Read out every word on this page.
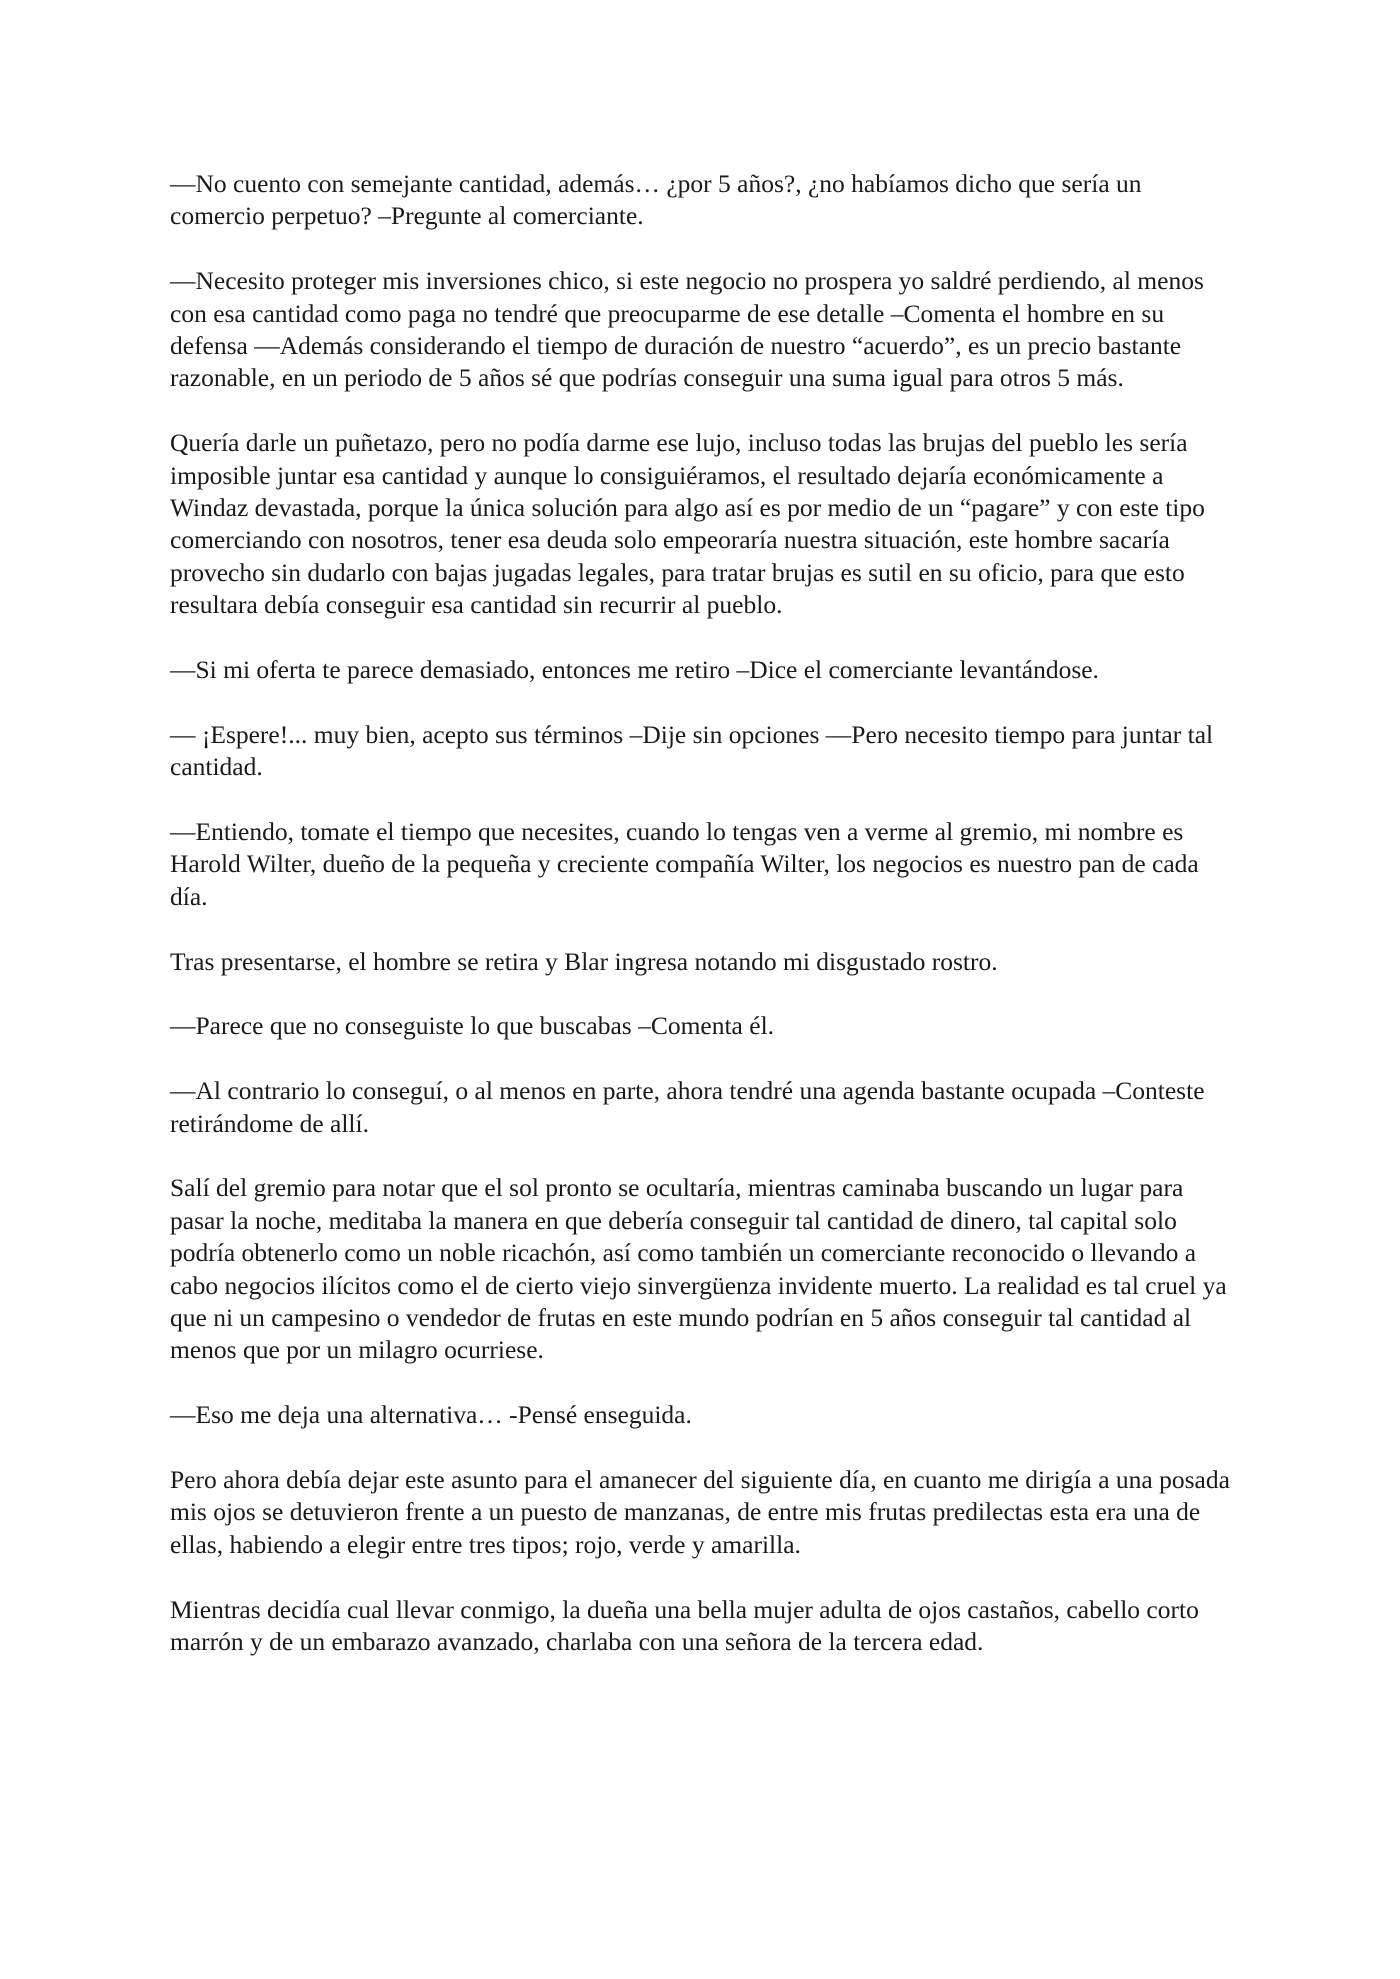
—No cuento con semejante cantidad, además… ¿por 5 años?, ¿no habíamos dicho que sería un comercio perpetuo? –Pregunte al comerciante.

—Necesito proteger mis inversiones chico, si este negocio no prospera yo saldré perdiendo, al menos con esa cantidad como paga no tendré que preocuparme de ese detalle –Comenta el hombre en su defensa —Además considerando el tiempo de duración de nuestro “acuerdo”, es un precio bastante razonable, en un periodo de 5 años sé que podrías conseguir una suma igual para otros 5 más.

Quería darle un puñetazo, pero no podía darme ese lujo, incluso todas las brujas del pueblo les sería imposible juntar esa cantidad y aunque lo consiguiéramos, el resultado dejaría económicamente a Windaz devastada, porque la única solución para algo así es por medio de un “pagare” y con este tipo comerciando con nosotros, tener esa deuda solo empeoraría nuestra situación, este hombre sacaría provecho sin dudarlo con bajas jugadas legales, para tratar brujas es sutil en su oficio, para que esto resultara debía conseguir esa cantidad sin recurrir al pueblo.

—Si mi oferta te parece demasiado, entonces me retiro –Dice el comerciante levantándose.

— ¡Espere!... muy bien, acepto sus términos –Dije sin opciones —Pero necesito tiempo para juntar tal cantidad.

—Entiendo, tomate el tiempo que necesites, cuando lo tengas ven a verme al gremio, mi nombre es Harold Wilter, dueño de la pequeña y creciente compañía Wilter, los negocios es nuestro pan de cada día.

Tras presentarse, el hombre se retira y Blar ingresa notando mi disgustado rostro.

—Parece que no conseguiste lo que buscabas –Comenta él.

—Al contrario lo conseguí, o al menos en parte, ahora tendré una agenda bastante ocupada –Conteste retirándome de allí.

Salí del gremio para notar que el sol pronto se ocultaría, mientras caminaba buscando un lugar para pasar la noche, meditaba la manera en que debería conseguir tal cantidad de dinero, tal capital solo podría obtenerlo como un noble ricachón, así como también un comerciante reconocido o llevando a cabo negocios ilícitos como el de cierto viejo sinvergüenza invidente muerto. La realidad es tal cruel ya que ni un campesino o vendedor de frutas en este mundo podrían en 5 años conseguir tal cantidad al menos que por un milagro ocurriese.

—Eso me deja una alternativa… -Pensé enseguida.

Pero ahora debía dejar este asunto para el amanecer del siguiente día, en cuanto me dirigía a una posada mis ojos se detuvieron frente a un puesto de manzanas, de entre mis frutas predilectas esta era una de ellas, habiendo a elegir entre tres tipos; rojo, verde y amarilla.

Mientras decidía cual llevar conmigo, la dueña una bella mujer adulta de ojos castaños, cabello corto marrón y de un embarazo avanzado, charlaba con una señora de la tercera edad.
